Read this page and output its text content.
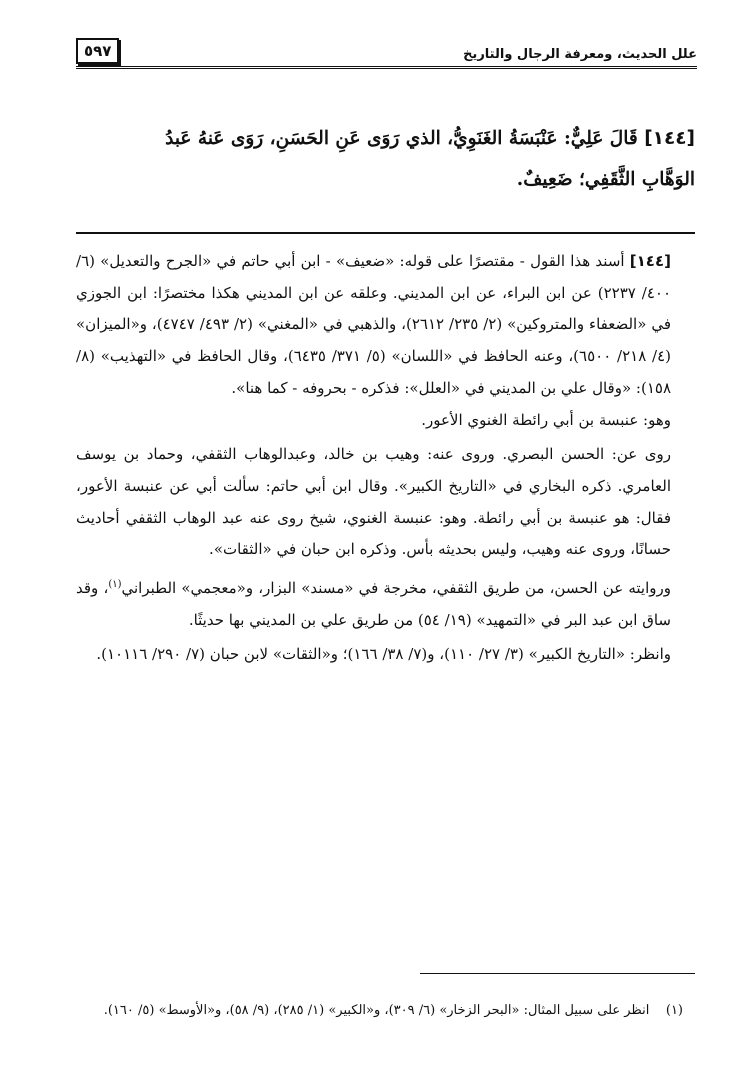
علل الحديث، ومعرفة الرجال والتاريخ
٥٩٧

[١٤٤] قَالَ عَلِيٌّ: عَنْبَسَةُ الغَنَوِيُّ، الذي رَوَى عَنِ الحَسَنِ، رَوَى عَنهُ عَبدُ

الوَهَّابِ الثَّقَفِي؛ ضَعِيفٌ.

[١٤٤] أسند هذا القول - مقتصرًا على قوله: «ضعيف» - ابن أبي حاتم في «الجرح والتعديل» (٦/ ٤٠٠/ ٢٢٣٧) عن ابن البراء، عن ابن المديني. وعلقه عن ابن المديني هكذا مختصرًا: ابن الجوزي في «الضعفاء والمتروكين» (٢/ ٢٣٥/ ٢٦١٢)، والذهبي في «المغني» (٢/ ٤٩٣/ ٤٧٤٧)، و«الميزان» (٤/ ٢١٨/ ٦٥٠٠)، وعنه الحافظ في «اللسان» (٥/ ٣٧١/ ٦٤٣٥)، وقال الحافظ في «التهذيب» (٨/ ١٥٨): «وقال علي بن المديني في «العلل»: فذكره - بحروفه - كما هنا».

وهو: عنبسة بن أبي رائطة الغنوي الأعور.

روى عن: الحسن البصري. وروى عنه: وهيب بن خالد، وعبدالوهاب الثقفي، وحماد بن يوسف العامري. ذكره البخاري في «التاريخ الكبير». وقال ابن أبي حاتم: سألت أبي عن عنبسة الأعور، فقال: هو عنبسة بن أبي رائطة. وهو: عنبسة الغنوي، شيخ روى عنه عبد الوهاب الثقفي أحاديث حسانًا، وروى عنه وهيب، وليس بحديثه بأس. وذكره ابن حبان في «الثقات».

وروايته عن الحسن، من طريق الثقفي، مخرجة في «مسند» البزار، و«معجمي» الطبراني$^{(١)}$، وقد ساق ابن عبد البر في «التمهيد» (١٩/ ٥٤) من طريق علي بن المديني بها حديثًا.

وانظر: «التاريخ الكبير» (٣/ ٢٧/ ١١٠)، و(٧/ ٣٨/ ١٦٦)؛ و«الثقات» لابن حبان (٧/ ٢٩٠/ ١٠١١٦).

(١)    انظر على سبيل المثال: «البحر الزخار» (٦/ ٣٠٩)، و«الكبير» (١/ ٢٨٥)، (٩/ ٥٨)، و«الأوسط» (٥/ ١٦٠).
